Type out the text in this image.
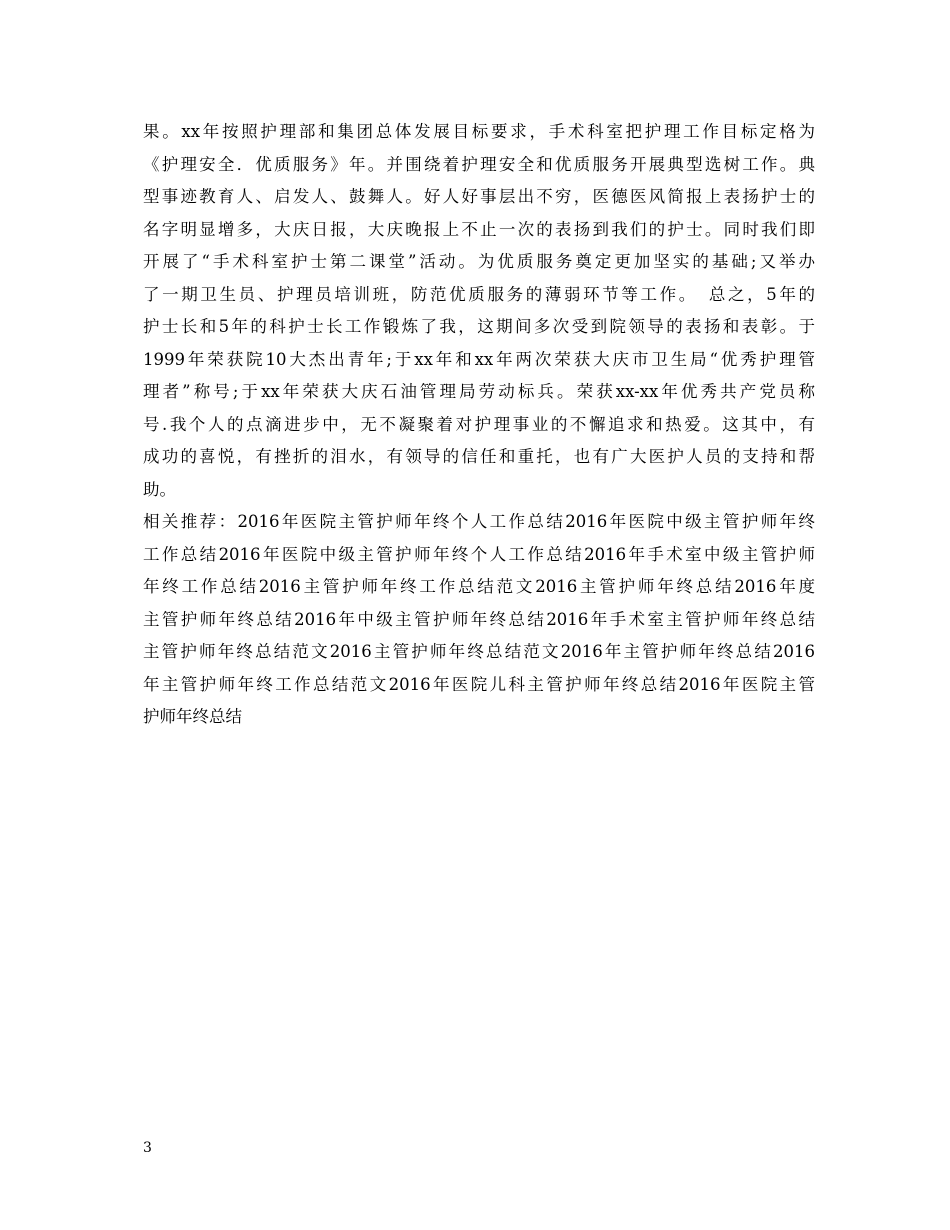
果。xx年按照护理部和集团总体发展目标要求，手术科室把护理工作目标定格为
《护理安全．优质服务》年。并围绕着护理安全和优质服务开展典型选树工作。典
型事迹教育人、启发人、鼓舞人。好人好事层出不穷，医德医风简报上表扬护士的
名字明显增多，大庆日报，大庆晚报上不止一次的表扬到我们的护士。同时我们即
开展了“手术科室护士第二课堂”活动。为优质服务奠定更加坚实的基础;又举办
了一期卫生员、护理员培训班，防范优质服务的薄弱环节等工作。　总之，5年的
护士长和5年的科护士长工作锻炼了我，这期间多次受到院领导的表扬和表彰。于
1999年荣获院10大杰出青年;于xx年和xx年两次荣获大庆市卫生局“优秀护理管
理者”称号;于xx年荣获大庆石油管理局劳动标兵。荣获xx-xx年优秀共产党员称
号.我个人的点滴进步中，无不凝聚着对护理事业的不懈追求和热爱。这其中，有
成功的喜悦，有挫折的泪水，有领导的信任和重托，也有广大医护人员的支持和帮
助。
相关推荐：2016年医院主管护师年终个人工作总结2016年医院中级主管护师年终
工作总结2016年医院中级主管护师年终个人工作总结2016年手术室中级主管护师
年终工作总结2016主管护师年终工作总结范文2016主管护师年终总结2016年度
主管护师年终总结2016年中级主管护师年终总结2016年手术室主管护师年终总结
主管护师年终总结范文2016主管护师年终总结范文2016年主管护师年终总结2016
年主管护师年终工作总结范文2016年医院儿科主管护师年终总结2016年医院主管
护师年终总结
3
